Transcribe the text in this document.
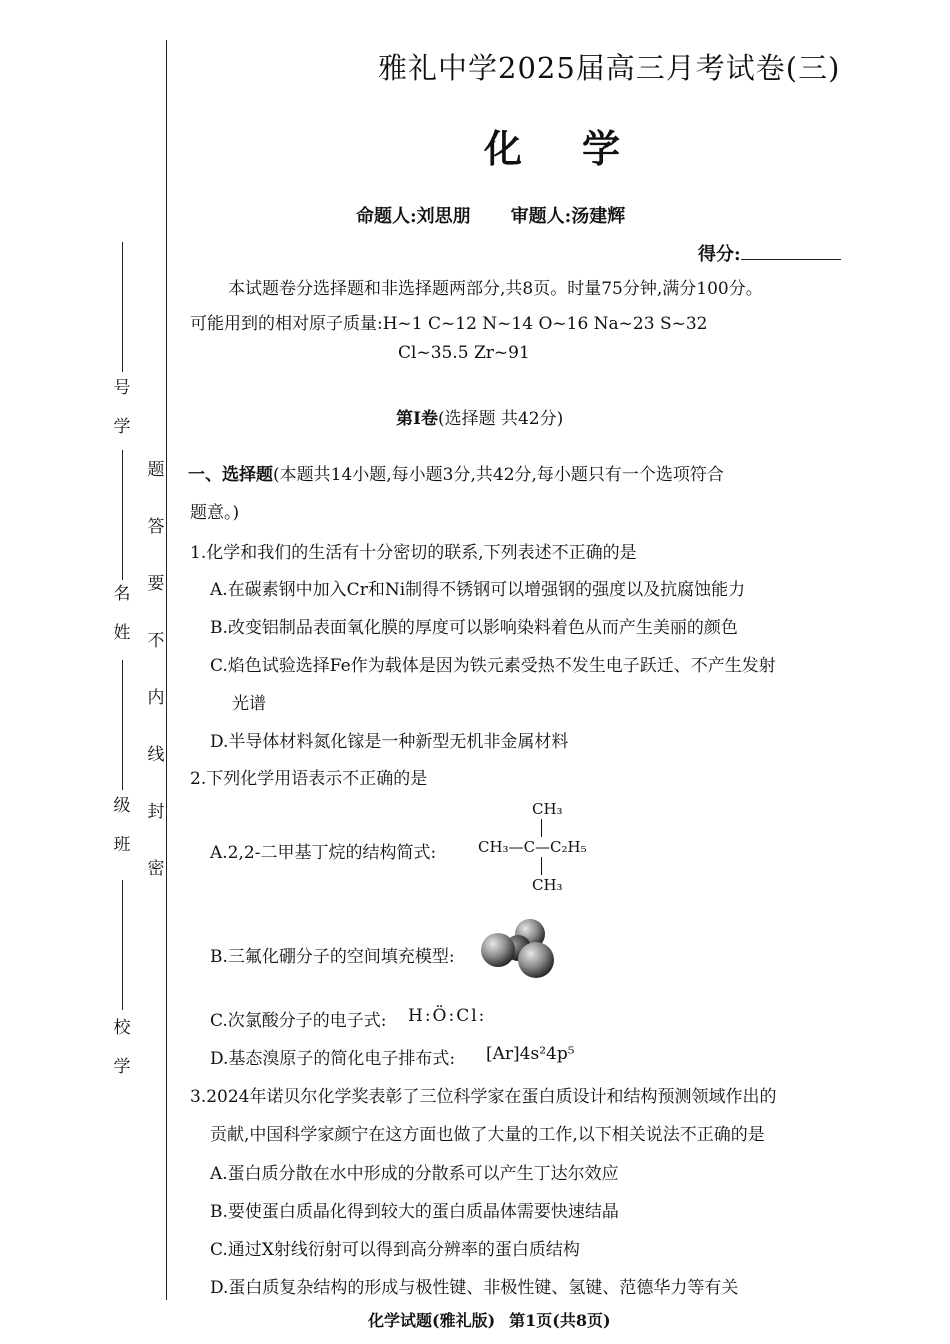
题
答
要
不
内
线
封
密
号
学
名
姓
级
班
校
学
雅礼中学2025届高三月考试卷(三)
化学
命题人:刘思朋 审题人:汤建辉
得分:
本试题卷分选择题和非选择题两部分,共8页。时量75分钟,满分100分。
可能用到的相对原子质量:H~1 C~12 N~14 O~16 Na~23 S~32
Cl~35.5 Zr~91
第Ⅰ卷(选择题 共42分)
一、选择题(本题共14小题,每小题3分,共42分,每小题只有一个选项符合
题意。)
1.化学和我们的生活有十分密切的联系,下列表述不正确的是
A.在碳素钢中加入Cr和Ni制得不锈钢可以增强钢的强度以及抗腐蚀能力
B.改变铝制品表面氧化膜的厚度可以影响染料着色从而产生美丽的颜色
C.焰色试验选择Fe作为载体是因为铁元素受热不发生电子跃迁、不产生发射
光谱
D.半导体材料氮化镓是一种新型无机非金属材料
2.下列化学用语表示不正确的是
A.2,2-二甲基丁烷的结构简式:
CH₃
CH₃—C—C₂H₅
CH₃
B.三氟化硼分子的空间填充模型:
C.次氯酸分子的电子式: H:Ö:Cl:
D.基态溴原子的简化电子排布式: [Ar]4s²4p⁵
3.2024年诺贝尔化学奖表彰了三位科学家在蛋白质设计和结构预测领域作出的
贡献,中国科学家颜宁在这方面也做了大量的工作,以下相关说法不正确的是
A.蛋白质分散在水中形成的分散系可以产生丁达尔效应
B.要使蛋白质晶化得到较大的蛋白质晶体需要快速结晶
C.通过X射线衍射可以得到高分辨率的蛋白质结构
D.蛋白质复杂结构的形成与极性键、非极性键、氢键、范德华力等有关
化学试题(雅礼版) 第1页(共8页)
